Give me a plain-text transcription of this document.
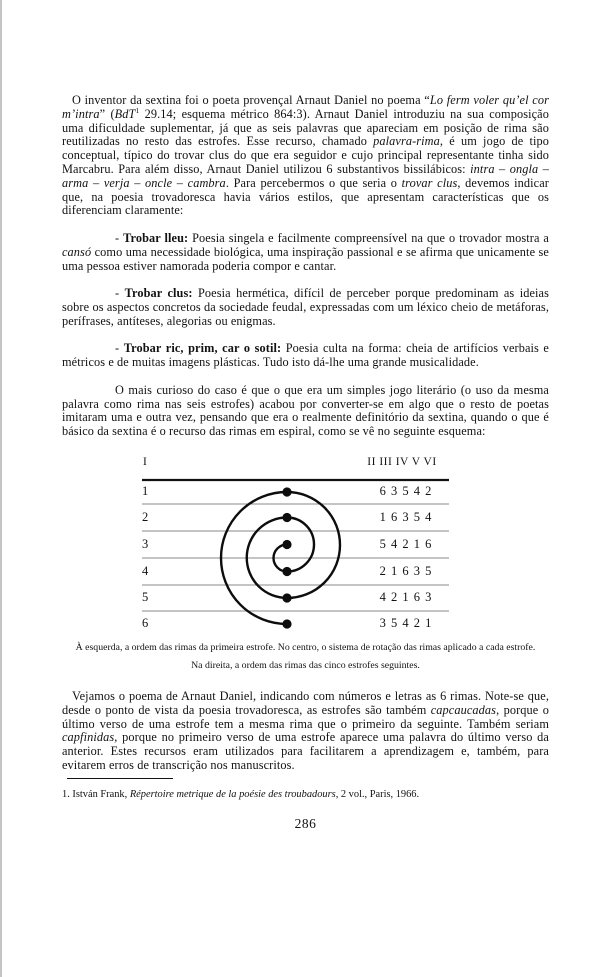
O inventor da sextina foi o poeta provençal Arnaut Daniel no poema “Lo ferm voler qu’el cor m’intra” (BdT$^1$ 29.14; esquema métrico 864:3). Arnaut Daniel introduziu na sua composição uma dificuldade suplementar, já que as seis palavras que apareciam em posição de rima são reutilizadas no resto das estrofes. Esse recurso, chamado palavra-rima, é um jogo de tipo conceptual, típico do trovar clus do que era seguidor e cujo principal representante tinha sido Marcabru. Para além disso, Arnaut Daniel utilizou 6 substantivos bissilábicos: intra – ongla – arma – verja – oncle – cambra. Para percebermos o que seria o trovar clus, devemos indicar que, na poesia trovadoresca havia vários estilos, que apresentam características que os diferenciam claramente:

- Trobar lleu: Poesia singela e facilmente compreensível na que o trovador mostra a cansó como uma necessidade biológica, uma inspiração passional e se afirma que unicamente se uma pessoa estiver namorada poderia compor e cantar.

- Trobar clus: Poesia hermética, difícil de perceber porque predominam as ideias sobre os aspectos concretos da sociedade feudal, expressadas com um léxico cheio de metáforas, perífrases, antíteses, alegorias ou enigmas.

- Trobar ric, prim, car o sotil: Poesia culta na forma: cheia de artifícios verbais e métricos e de muitas imagens plásticas. Tudo isto dá-lhe uma grande musicalidade.

O mais curioso do caso é que o que era um simples jogo literário (o uso da mesma palavra como rima nas seis estrofes) acabou por converter-se em algo que o resto de poetas imitaram uma e outra vez, pensando que era o realmente definitório da sextina, quando o que é básico da sextina é o recurso das rimas em espiral, como se vê no seguinte esquema:

I	II III IV V VI
1	6 3 5 4 2
2	1 6 3 5 4
3	5 4 2 1 6
4	2 1 6 3 5
5	4 2 1 6 3
6	3 5 4 2 1

À esquerda, a ordem das rimas da primeira estrofe. No centro, o sistema de rotação das rimas aplicado a cada estrofe.

Na direita, a ordem das rimas das cinco estrofes seguintes.

Vejamos o poema de Arnaut Daniel, indicando com números e letras as 6 rimas. Note-se que, desde o ponto de vista da poesia trovadoresca, as estrofes são também capcaucadas, porque o último verso de uma estrofe tem a mesma rima que o primeiro da seguinte. Também seriam capfinidas, porque no primeiro verso de uma estrofe aparece uma palavra do último verso da anterior. Estes recursos eram utilizados para facilitarem a aprendizagem e, também, para evitarem erros de transcrição nos manuscritos.

1. István Frank, Répertoire metrique de la poésie des troubadours, 2 vol., Paris, 1966.

286
